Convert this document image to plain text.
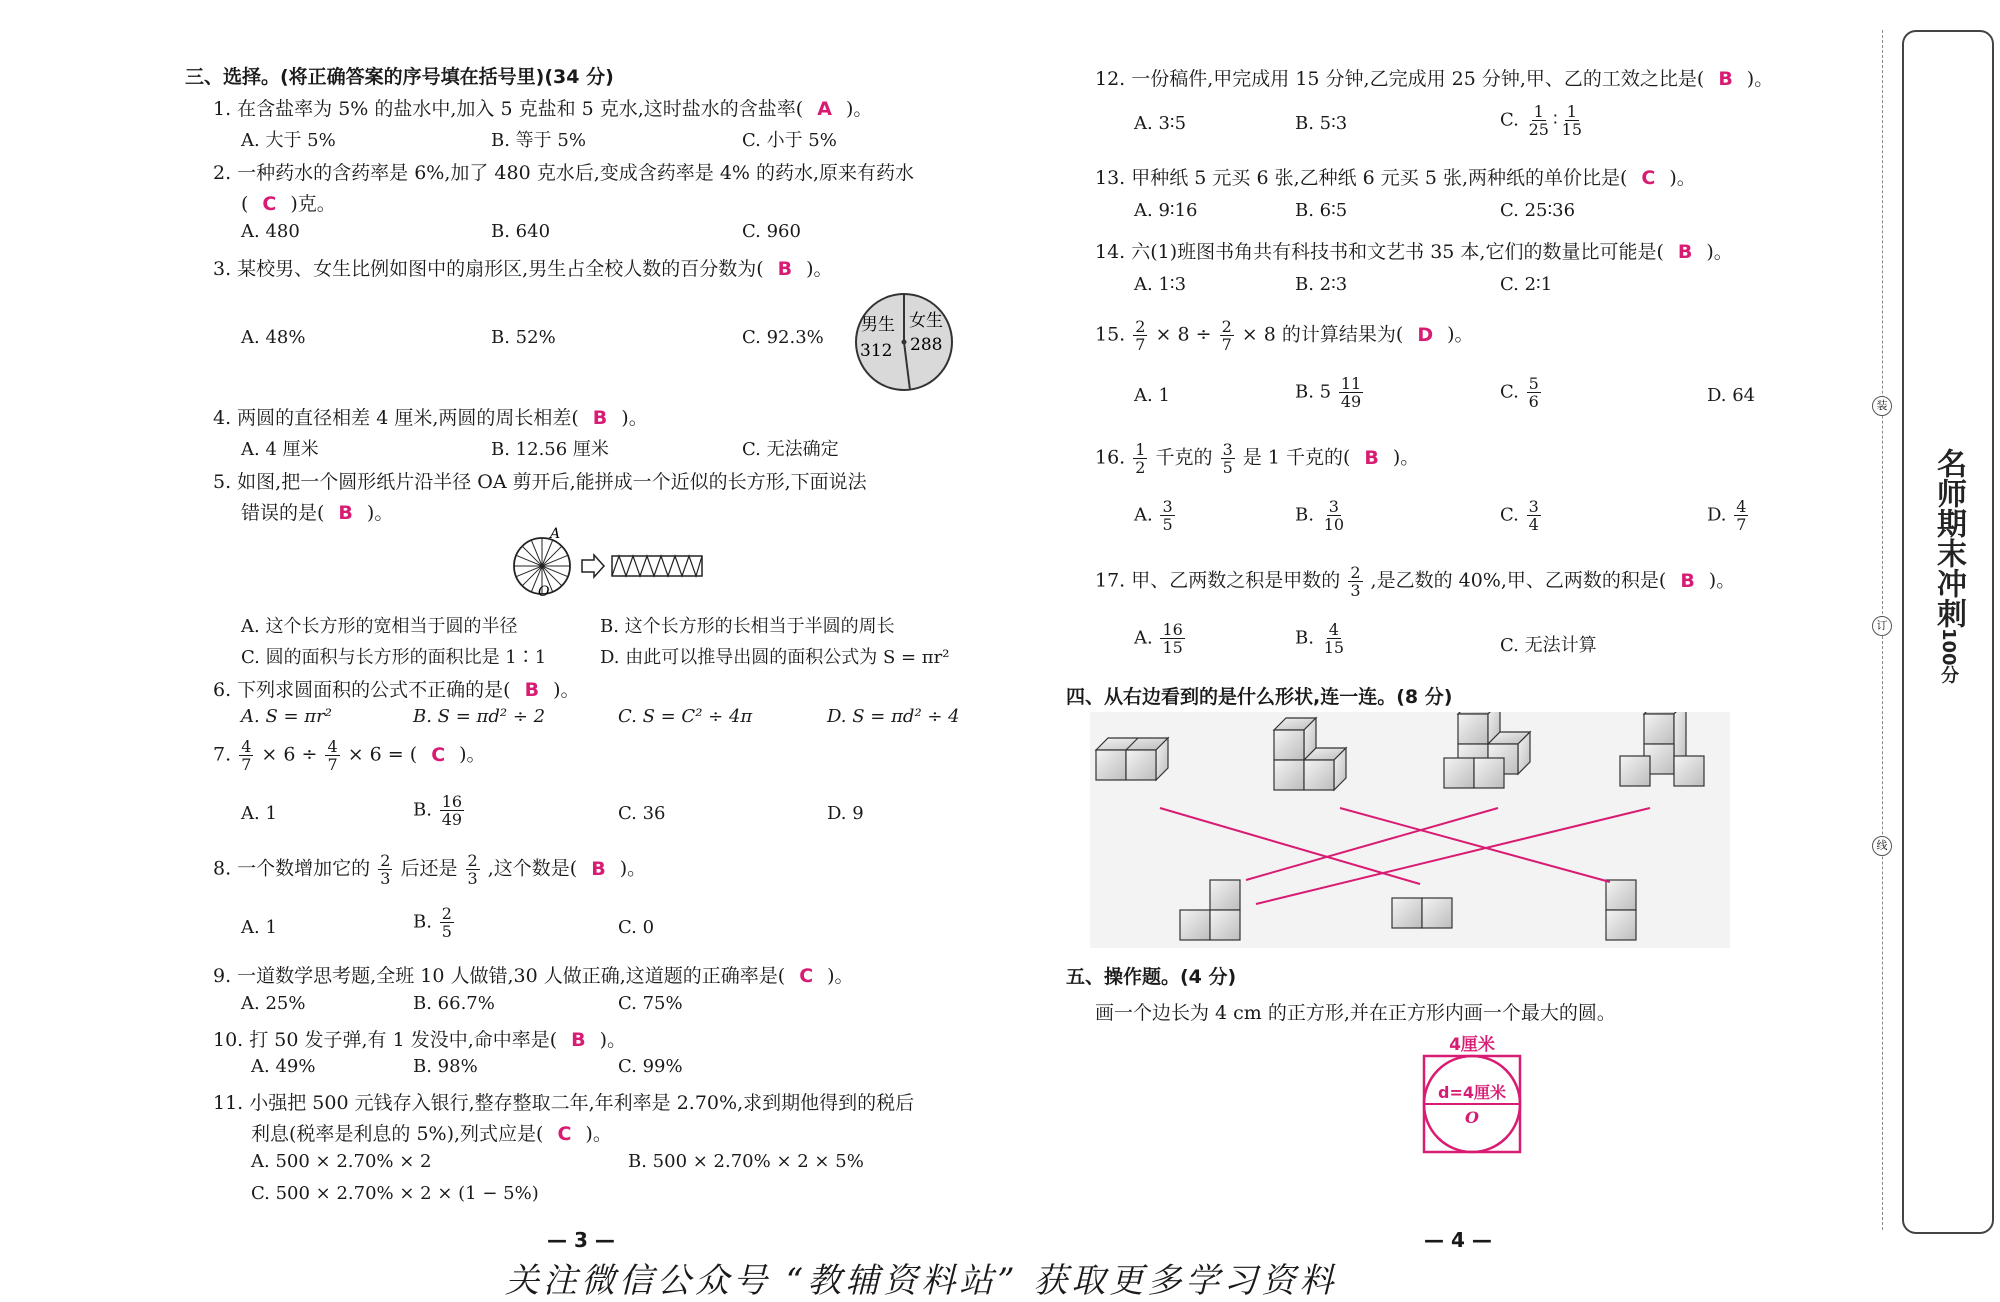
三、选择。(将正确答案的序号填在括号里)(34 分)
1. 在含盐率为 5% 的盐水中,加入 5 克盐和 5 克水,这时盐水的含盐率( A )。
A. 大于 5%	B. 等于 5%	C. 小于 5%
2. 一种药水的含药率是 6%,加了 480 克水后,变成含药率是 4% 的药水,原来有药水
( C )克。
A. 480	B. 640	C. 960
3. 某校男、女生比例如图中的扇形区,男生占全校人数的百分数为( B )。
A. 48%	B. 52%	C. 92.3%
男生
312
女生
288
4. 两圆的直径相差 4 厘米,两圆的周长相差( B )。
A. 4 厘米	B. 12.56 厘米	C. 无法确定
5. 如图,把一个圆形纸片沿半径 OA 剪开后,能拼成一个近似的长方形,下面说法
错误的是( B )。
A
O
A. 这个长方形的宽相当于圆的半径	B. 这个长方形的长相当于半圆的周长
C. 圆的面积与长方形的面积比是 1∶1	D. 由此可以推导出圆的面积公式为 S = πr²
6. 下列求圆面积的公式不正确的是( B )。
A. S = πr²	B. S = πd² ÷ 2	C. S = C² ÷ 4π	D. S = πd² ÷ 4
7. $\frac{4}{7} \times 6 \div \frac{4}{7} \times 6$ = ( C )。
A. 1	B. $\frac{16}{49}$	C. 36	D. 9
8. 一个数增加它的 $\frac{2}{3}$ 后还是 $\frac{2}{3}$ ,这个数是( B )。
A. 1	B. $\frac{2}{5}$	C. 0
9. 一道数学思考题,全班 10 人做错,30 人做正确,这道题的正确率是( C )。
A. 25%	B. 66.7%	C. 75%
10. 打 50 发子弹,有 1 发没中,命中率是( B )。
A. 49%	B. 98%	C. 99%
11. 小强把 500 元钱存入银行,整存整取二年,年利率是 2.70%,求到期他得到的税后
利息(税率是利息的 5%),列式应是( C )。
A. 500 × 2.70% × 2	B. 500 × 2.70% × 2 × 5%
C. 500 × 2.70% × 2 × (1 − 5%)
— 3 —
12. 一份稿件,甲完成用 15 分钟,乙完成用 25 分钟,甲、乙的工效之比是( B )。
A. 3∶5	B. 5∶3	C. $\frac{1}{25}$ ∶ $\frac{1}{15}$
13. 甲种纸 5 元买 6 张,乙种纸 6 元买 5 张,两种纸的单价比是( C )。
A. 9∶16	B. 6∶5	C. 25∶36
14. 六(1)班图书角共有科技书和文艺书 35 本,它们的数量比可能是( B )。
A. 1∶3	B. 2∶3	C. 2∶1
15. $\frac{2}{7} \times 8 \div \frac{2}{7} \times 8$ 的计算结果为( D )。
A. 1	B. $5 \frac{11}{49}$	C. $\frac{5}{6}$	D. 64
16. $\frac{1}{2}$ 千克的 $\frac{3}{5}$ 是 1 千克的( B )。
A. $\frac{3}{5}$	B. $\frac{3}{10}$	C. $\frac{3}{4}$	D. $\frac{4}{7}$
17. 甲、乙两数之积是甲数的 $\frac{2}{3}$ ,是乙数的 40%,甲、乙两数的积是( B )。
A. $\frac{16}{15}$	B. $\frac{4}{15}$	C. 无法计算
四、从右边看到的是什么形状,连一连。(8 分)
五、操作题。(4 分)
画一个边长为 4 cm 的正方形,并在正方形内画一个最大的圆。
4厘米
d=4厘米
O
— 4 —
装
订
线
名师期末冲刺100分
关注微信公众号 “教辅资料站” 获取更多学习资料
